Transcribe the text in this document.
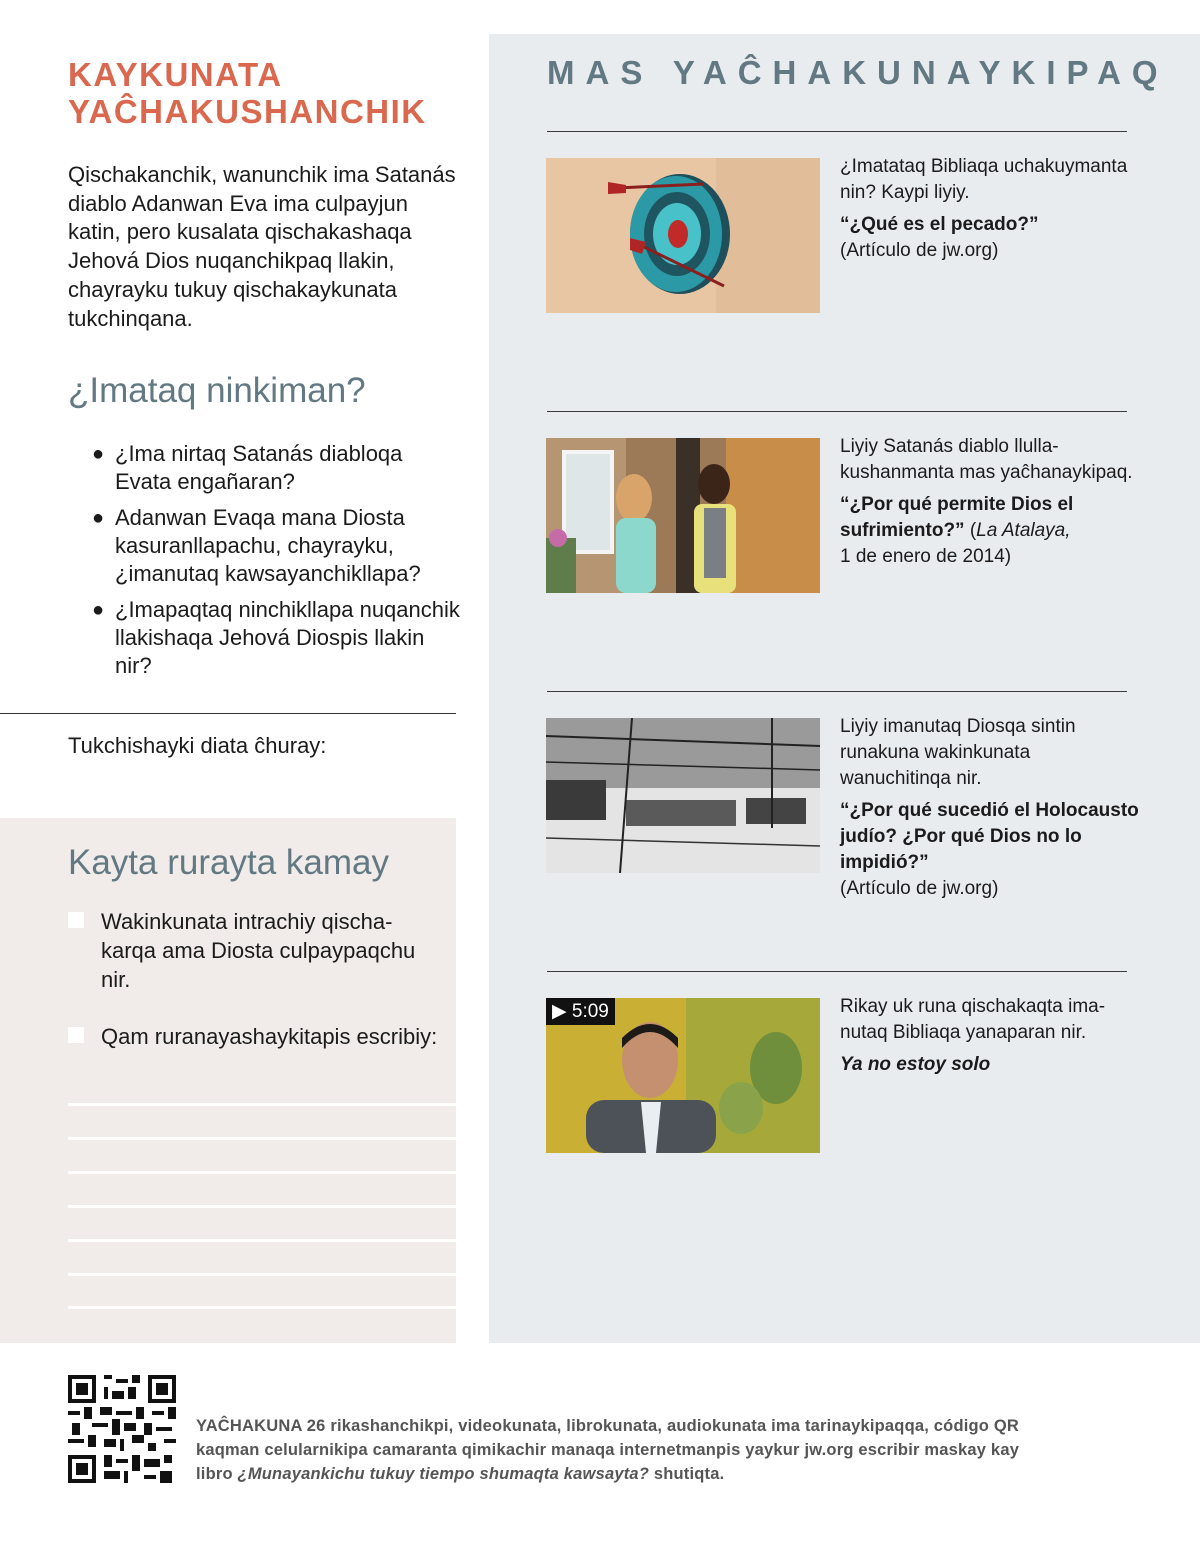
KAYKUNATA
YAĈHAKUSHANCHIK

Qischakanchik, wanunchik ima Satanás diablo Adanwan Eva ima culpayjun katin, pero kusalata qischakashaqa Jehová Dios nuqanchikpaq llakin, chayrayku tukuy qischakaykunata tukchinqana.

¿Imataq ninkiman?
● ¿Ima nirtaq Satanás diabloqa Evata engañaran?
● Adanwan Evaqa mana Diosta kasuranllapachu, chayrayku, ¿imanutaq kawsayanchikllapa?
● ¿Imapaqtaq ninchikllapa nuqanchik llakishaqa Jehová Diospis llakin nir?

Tukchishayki diata ĉhuray:

Kayta rurayta kamay
Wakinkunata intrachiy qischakarqa ama Diosta culpaypaqchu nir.
Qam ruranayashaykitapis escribiy:
MAS YAĈHAKUNAYKIPAQ

¿Imatataq Bibliaqa uchakuymanta nin? Kaypi liyiy.

“¿Qué es el pecado?”
(Artículo de jw.org)

Liyiy Satanás diablo llullakushanmanta mas yaĉhanaykipaq.

“¿Por qué permite Dios el sufrimiento?” (La Atalaya,
1 de enero de 2014)

Liyiy imanutaq Diosqa sintin runakuna wakinkunata wanuchitinqa nir.

“¿Por qué sucedió el Holocausto judío? ¿Por qué Dios no lo impidió?”
(Artículo de jw.org)

▶ 5:09	Rikay uk runa qischakaqta imanutaq Bibliaqa yanaparan nir.

Ya no estoy solo

YAĈHAKUNA 26 rikashanchikpi, videokunata, librokunata, audiokunata ima tarinaykipaqqa, código QR kaqman celularnikipa camaranta qimikachir manaqa internetmanpis yaykur jw.org escribir maskay kay libro ¿Munayankichu tukuy tiempo shumaqta kawsayta? shutiqta.
